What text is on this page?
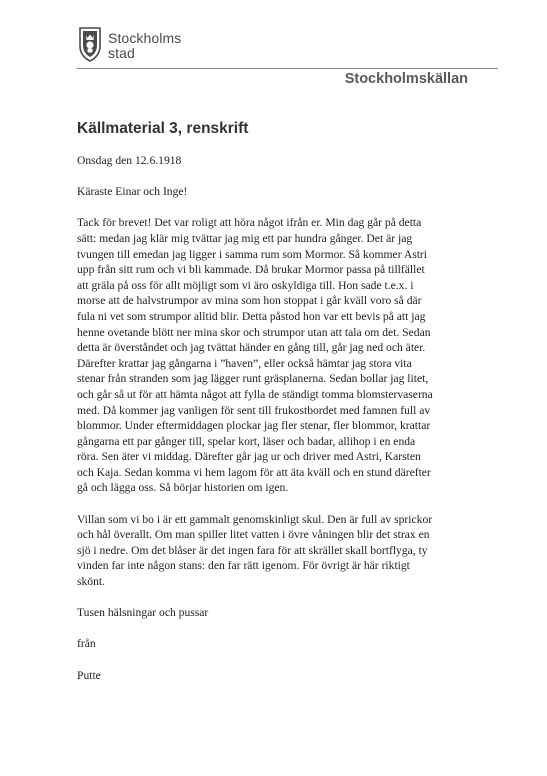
Stockholms
stad
Stockholmskällan
Källmaterial 3, renskrift

Onsdag den 12.6.1918

Käraste Einar och Inge!

Tack för brevet! Det var roligt att höra något ifrån er. Min dag går på detta
sätt: medan jag klär mig tvättar jag mig ett par hundra gånger. Det är jag
tvungen till emedan jag ligger i samma rum som Mormor. Så kommer Astri
upp från sitt rum och vi bli kammade. Då brukar Mormor passa på tillfället
att gräla på oss för allt möjligt som vi äro oskyldiga till. Hon sade t.e.x. i
morse att de halvstrumpor av mina som hon stoppat i går kväll voro så där
fula ni vet som strumpor alltid blir. Detta påstod hon var ett bevis på att jag
henne ovetande blött ner mina skor och strumpor utan att tala om det. Sedan
detta är överståndet och jag tvättat händer en gång till, går jag ned och äter.
Därefter krattar jag gångarna i ”haven”, eller också hämtar jag stora vita
stenar från stranden som jag lägger runt gräsplanerna. Sedan bollar jag litet,
och går så ut för att hämta något att fylla de ständigt tomma blomstervaserna
med. Då kommer jag vanligen för sent till frukostbordet med famnen full av
blommor. Under eftermiddagen plockar jag fler stenar, fler blommor, krattar
gångarna ett par gånger till, spelar kort, läser och badar, allihop i en enda
röra. Sen äter vi middag. Därefter går jag ur och driver med Astri, Karsten
och Kaja. Sedan komma vi hem lagom för att äta kväll och en stund därefter
gå och lägga oss. Så börjar historien om igen.

Villan som vi bo i är ett gammalt genomskinligt skul. Den är full av sprickor
och hål överallt. Om man spiller litet vatten i övre våningen blir det strax en
sjö i nedre. Om det blåser är det ingen fara för att skrället skall bortflyga, ty
vinden far inte någon stans: den far rätt igenom. För övrigt är här riktigt
skönt.

Tusen hälsningar och pussar

från

Putte
